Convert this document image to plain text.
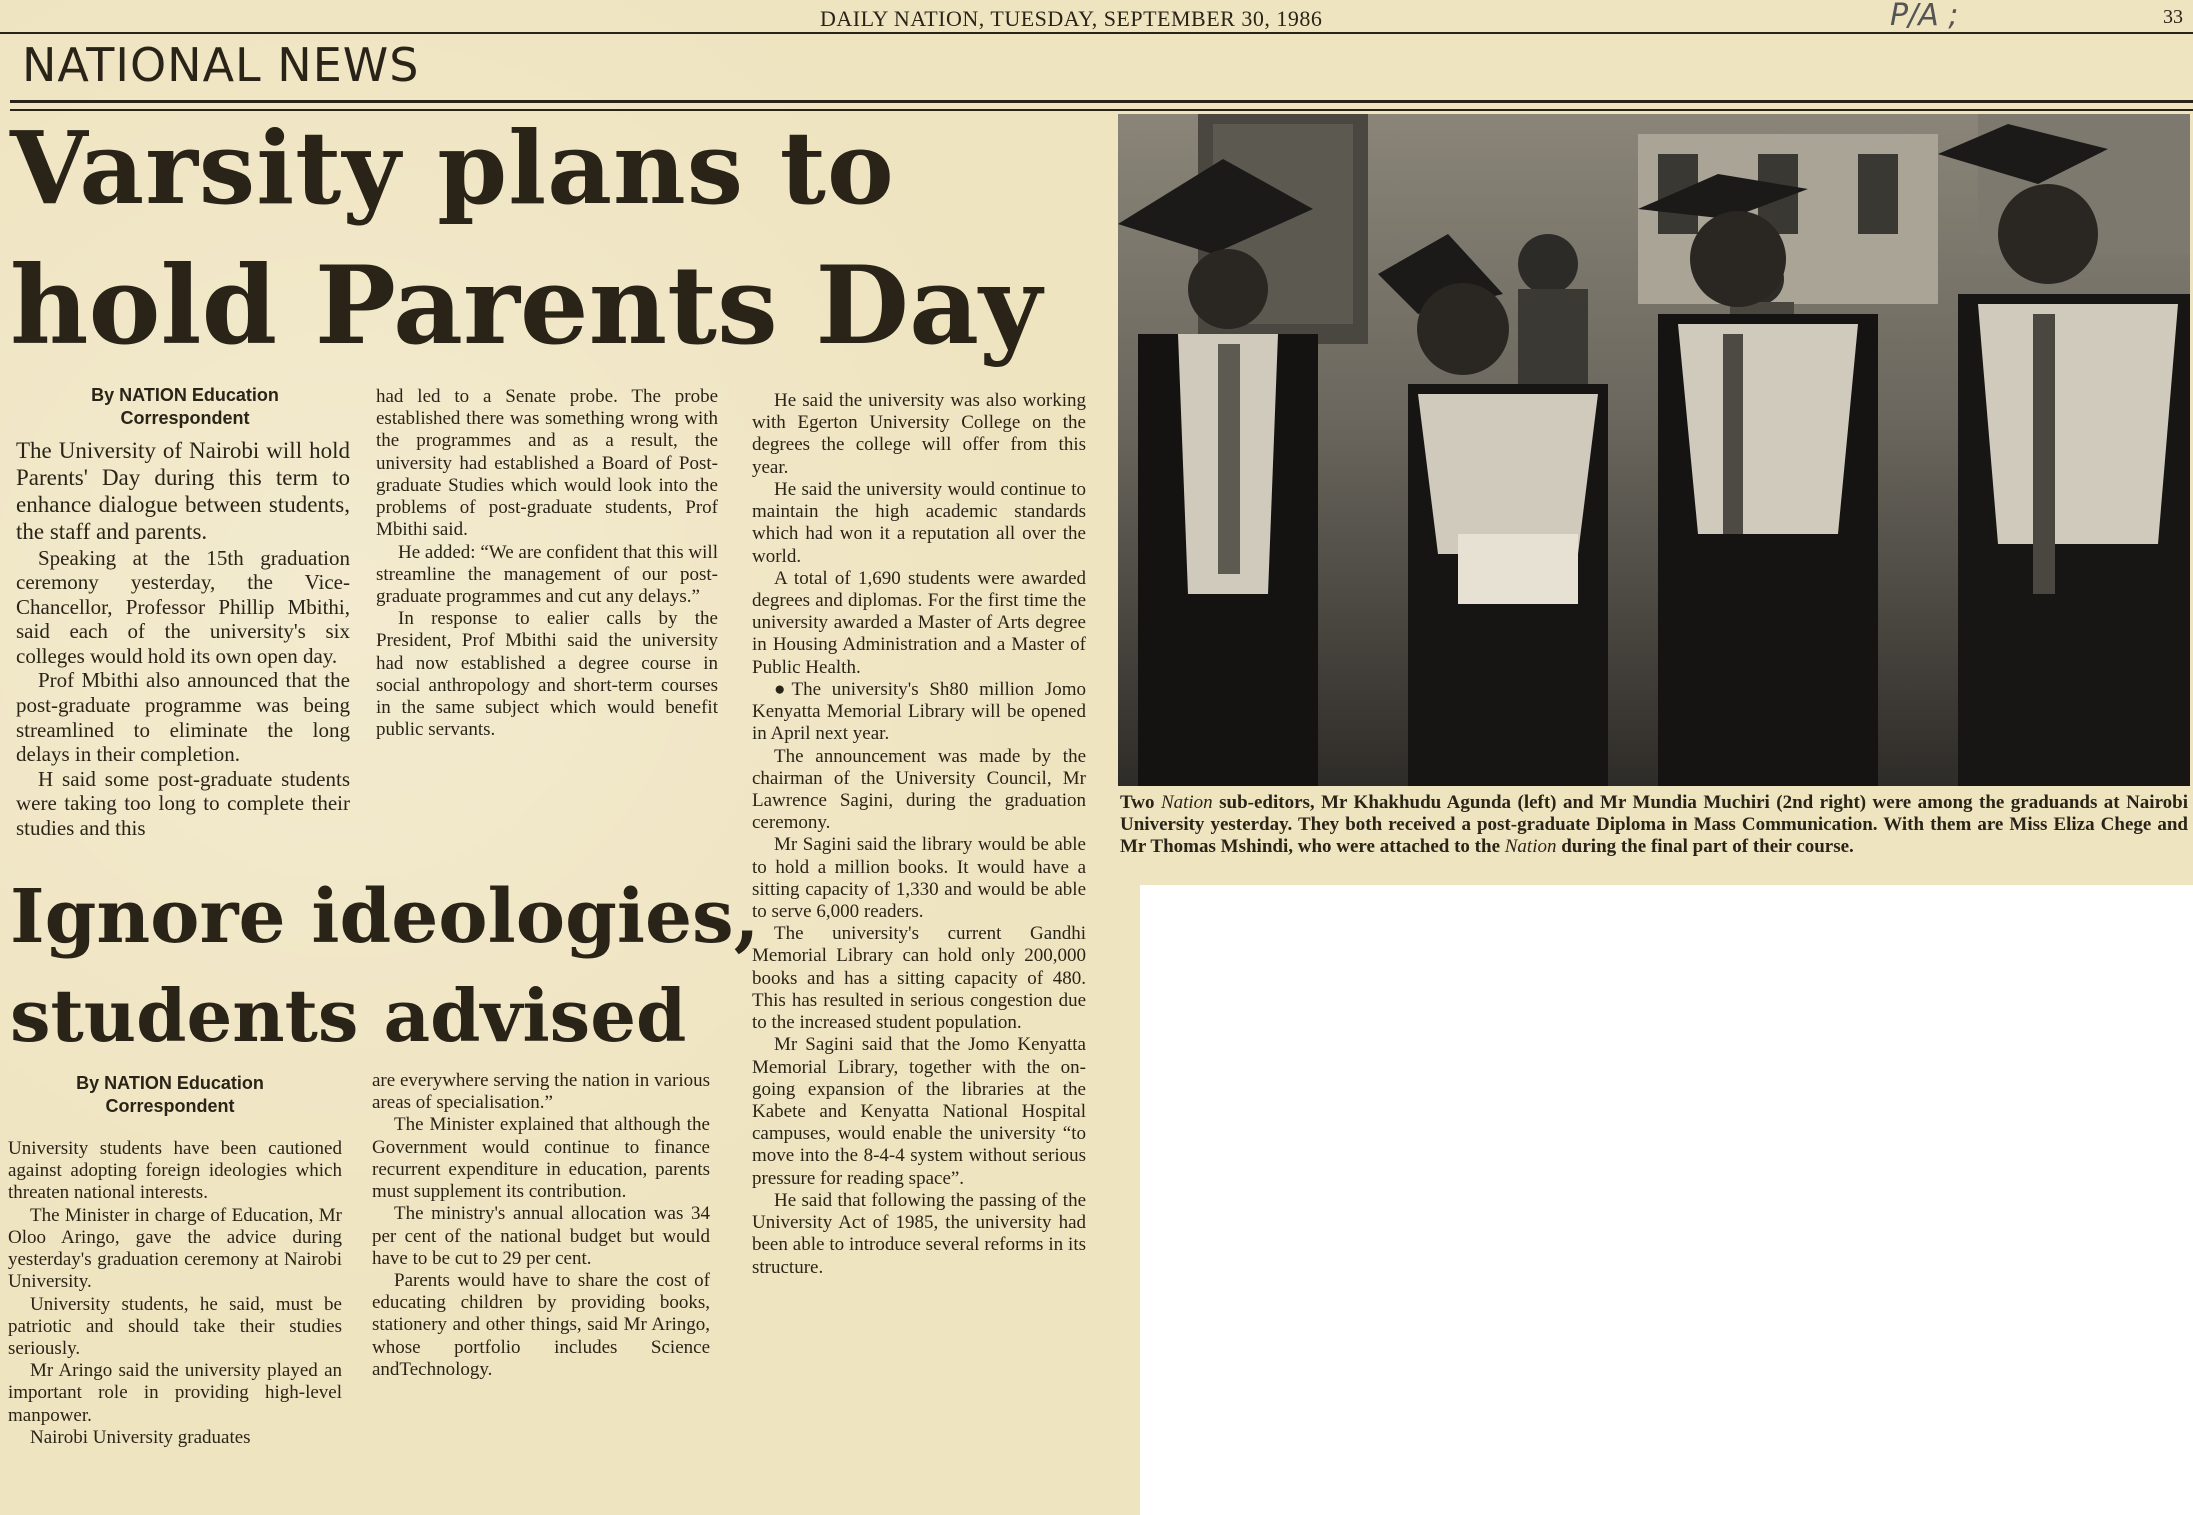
DAILY NATION, TUESDAY, SEPTEMBER 30, 1986	P/A ;	33
NATIONAL NEWS
Varsity plans to
hold Parents Day
By NATION Education
Correspondent

The University of Nairobi will hold Parents' Day during this term to enhance dialogue between students, the staff and parents.

Speaking at the 15th graduation ceremony yesterday, the Vice-Chancellor, Professor Phillip Mbithi, said each of the university's six colleges would hold its own open day.

Prof Mbithi also announced that the post-graduate programme was being streamlined to eliminate the long delays in their completion.

H said some post-graduate students were taking too long to complete their studies and this

had led to a Senate probe. The probe established there was something wrong with the programmes and as a result, the university had established a Board of Post-graduate Studies which would look into the problems of post-graduate students, Prof Mbithi said.

He added: “We are confident that this will streamline the management of our post-graduate programmes and cut any delays.”

In response to ealier calls by the President, Prof Mbithi said the university had now established a degree course in social anthropology and short-term courses in the same subject which would benefit public servants.

He said the university was also working with Egerton University College on the degrees the college will offer from this year.

He said the university would continue to maintain the high academic standards which had won it a reputation all over the world.

A total of 1,690 students were awarded degrees and diplomas. For the first time the university awarded a Master of Arts degree in Housing Administration and a Master of Public Health.

●The university's Sh80 million Jomo Kenyatta Memorial Library will be opened in April next year.

The announcement was made by the chairman of the University Council, Mr Lawrence Sagini, during the graduation ceremony.

Mr Sagini said the library would be able to hold a million books. It would have a sitting capacity of 1,330 and would be able to serve 6,000 readers.

The university's current Gandhi Memorial Library can hold only 200,000 books and has a sitting capacity of 480. This has resulted in serious congestion due to the increased student population.

Mr Sagini said that the Jomo Kenyatta Memorial Library, together with the on-going expansion of the libraries at the Kabete and Kenyatta National Hospital campuses, would enable the university “to move into the 8-4-4 system without serious pressure for reading space”.

He said that following the passing of the University Act of 1985, the university had been able to introduce several reforms in its structure.

Ignore ideologies,
students advised
By NATION Education
Correspondent

University students have been cautioned against adopting foreign ideologies which threaten national interests.

The Minister in charge of Education, Mr Oloo Aringo, gave the advice during yesterday's graduation ceremony at Nairobi University.

University students, he said, must be patriotic and should take their studies seriously.

Mr Aringo said the university played an important role in providing high-level manpower.

Nairobi University graduates

are everywhere serving the nation in various areas of specialisation.”

The Minister explained that although the Government would continue to finance recurrent expenditure in education, parents must supplement its contribution.

The ministry's annual allocation was 34 per cent of the national budget but would have to be cut to 29 per cent.

Parents would have to share the cost of educating children by providing books, stationery and other things, said Mr Aringo, whose portfolio includes Science andTechnology.

Two Nation sub-editors, Mr Khakhudu Agunda (left) and Mr Mundia Muchiri (2nd right) were among the graduands at Nairobi University yesterday. They both received a post-graduate Diploma in Mass Communication. With them are Miss Eliza Chege and Mr Thomas Mshindi, who were attached to the Nation during the final part of their course.
